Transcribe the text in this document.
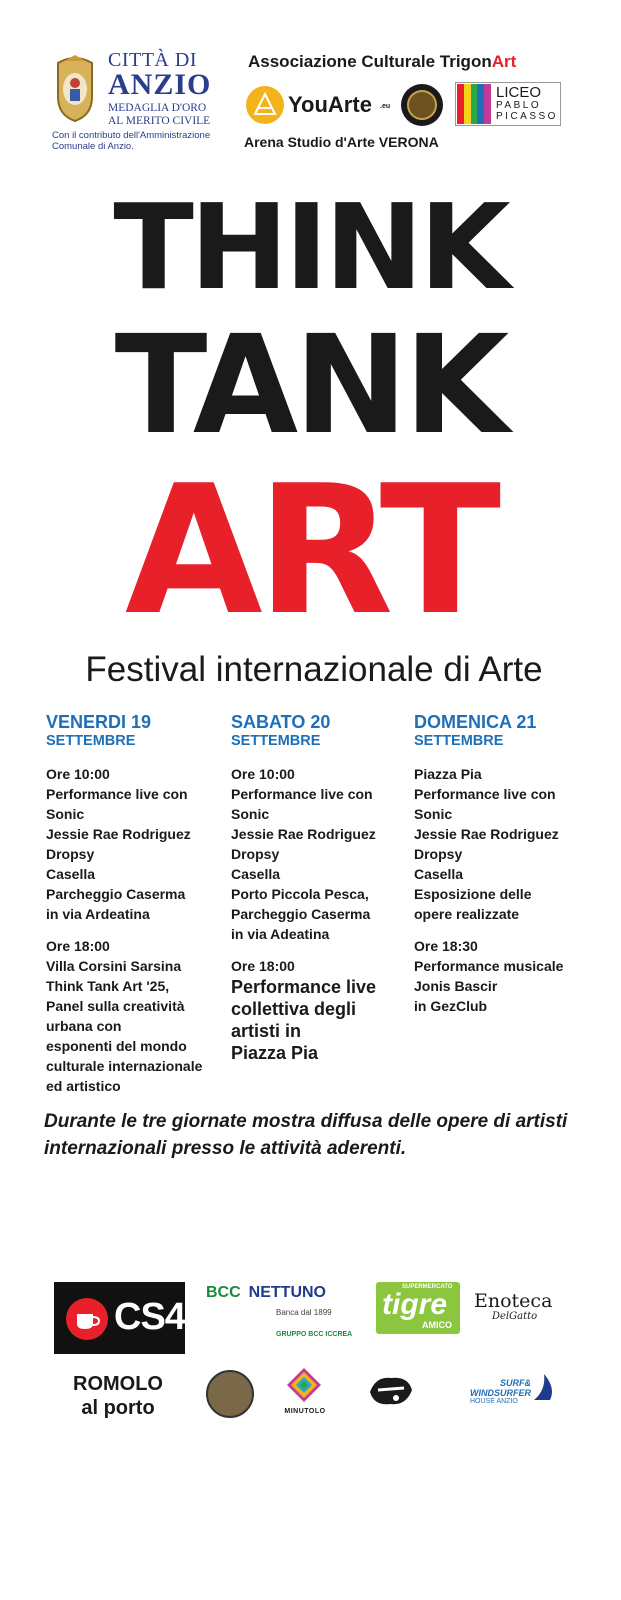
CITTÀ DI
ANZIO
MEDAGLIA D'ORO
AL MERITO CIVILE
Con il contributo dell'Amministrazione
Comunale di Anzio.
Associazione Culturale TrigonArt
YouArte .eu
LICEO
PABLO
PICASSO
Arena Studio d'Arte VERONA
THINK
TANK
ART
Festival internazionale di Arte
VENERDI 19
SETTEMBRE
Ore 10:00
Performance live con
Sonic
Jessie Rae Rodriguez
Dropsy
Casella
Parcheggio Caserma
in via Ardeatina
Ore 18:00
Villa Corsini Sarsina
Think Tank Art '25,
Panel sulla creatività
urbana con
esponenti del mondo
culturale internazionale
ed artistico
SABATO 20
SETTEMBRE
Ore 10:00
Performance live con
Sonic
Jessie Rae Rodriguez
Dropsy
Casella
Porto Piccola Pesca,
Parcheggio Caserma
in via Adeatina
Ore 18:00
Performance live
collettiva degli
artisti in
Piazza Pia
DOMENICA 21
SETTEMBRE
Piazza Pia
Performance live con
Sonic
Jessie Rae Rodriguez
Dropsy
Casella
Esposizione delle
opere realizzate
Ore 18:30
Performance musicale
Jonis Bascir
in GezClub
Durante le tre giornate mostra diffusa delle opere di artisti internazionali presso le attività aderenti.
CS4
ROMOLO
al porto
BCC NETTUNO
Banca dal 1899
GRUPPO BCC ICCREA
SUPERMERCATO
tigre
AMICO
Enoteca
DelGatto
MINUTOLO
SURF&
WINDSURFER
HOUSE ANZIO
